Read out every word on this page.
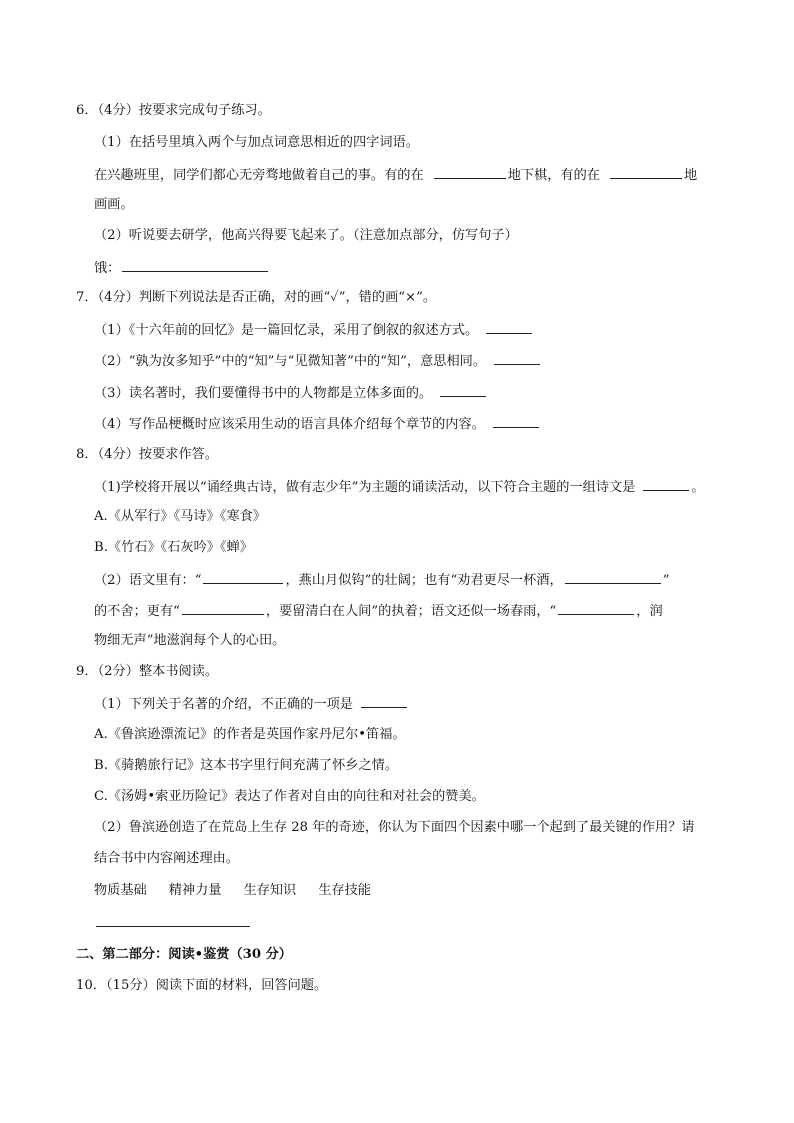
6．（4分）按要求完成句子练习。
（1）在括号里填入两个与加点词意思相近的四字词语。
在兴趣班里，同学们都心无旁骛地做着自己的事。有的在	地下棋，有的在	地
画画。
（2）听说要去研学，他高兴得要飞起来了。（注意加点部分，仿写句子）
饿：
7．（4分）判断下列说法是否正确，对的画“✓”，错的画“×”。
（1）《十六年前的回忆》是一篇回忆录，采用了倒叙的叙述方式。
（2）“孰为汝多知乎”中的“知”与“见微知著”中的“知”，意思相同。
（3）读名著时，我们要懂得书中的人物都是立体多面的。
（4）写作品梗概时应该采用生动的语言具体介绍每个章节的内容。
8．（4分）按要求作答。
（1)学校将开展以“诵经典古诗，做有志少年”为主题的诵读活动，以下符合主题的一组诗文是	。
A.《从军行》《马诗》《寒食》
B.《竹石》《石灰吟》《蝉》
（2）语文里有：“	，燕山月似钩”的壮阔；也有“劝君更尽一杯酒，	”
的不舍；更有“	，要留清白在人间”的执着；语文还似一场春雨，“	，润
物细无声”地滋润每个人的心田。
9．（2分）整本书阅读。
（1）下列关于名著的介绍，不正确的一项是
A.《鲁滨逊漂流记》的作者是英国作家丹尼尔•笛福。
B.《骑鹅旅行记》这本书字里行间充满了怀乡之情。
C.《汤姆•索亚历险记》表达了作者对自由的向往和对社会的赞美。
（2）鲁滨逊创造了在荒岛上生存 28 年的奇迹，你认为下面四个因素中哪一个起到了最关键的作用？请
结合书中内容阐述理由。
物质基础 精神力量 生存知识 生存技能
二、第二部分：阅读•鉴赏（30 分）
10．（15分）阅读下面的材料，回答问题。
